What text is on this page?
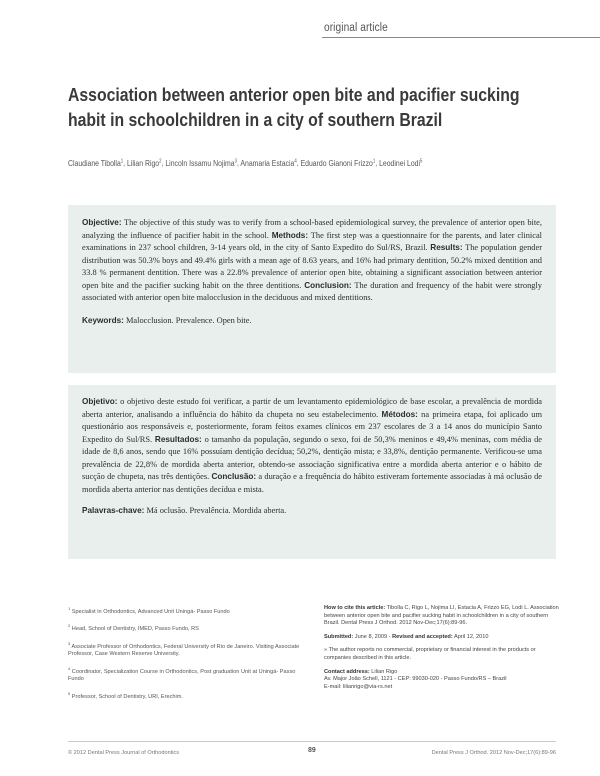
original article
Association between anterior open bite and pacifier sucking habit in schoolchildren in a city of southern Brazil
Claudiane Tibolla$^1$, Lilian Rigo$^2$, Lincoln Issamu Nojima$^3$, Anamaria Estacia$^4$, Eduardo Gianoni Frizzo$^1$, Leodinei Lodi$^5$

Objective: The objective of this study was to verify from a school-based epidemiological survey, the prevalence of anterior open bite, analyzing the influence of pacifier habit in the school. Methods: The first step was a questionnaire for the parents, and later clinical examinations in 237 school children, 3-14 years old, in the city of Santo Expedito do Sul/RS, Brazil. Results: The population gender distribution was 50.3% boys and 49.4% girls with a mean age of 8.63 years, and 16% had primary dentition, 50.2% mixed dentition and 33.8 % permanent dentition. There was a 22.8% prevalence of anterior open bite, obtaining a significant association between anterior open bite and the pacifier sucking habit on the three dentitions. Conclusion: The duration and frequency of the habit were strongly associated with anterior open bite malocclusion in the deciduous and mixed dentitions.

Keywords: Malocclusion. Prevalence. Open bite.

Objetivo: o objetivo deste estudo foi verificar, a partir de um levantamento epidemiológico de base escolar, a prevalência de mordida aberta anterior, analisando a influência do hábito da chupeta no seu estabelecimento. Métodos: na primeira etapa, foi aplicado um questionário aos responsáveis e, posteriormente, foram feitos exames clínicos em 237 escolares de 3 a 14 anos do município Santo Expedito do Sul/RS. Resultados: o tamanho da população, segundo o sexo, foi de 50,3% meninos e 49,4% meninas, com média de idade de 8,6 anos, sendo que 16% possuíam dentição decídua; 50,2%, dentição mista; e 33,8%, dentição permanente. Verificou-se uma prevalência de 22,8% de mordida aberta anterior, obtendo-se associação significativa entre a mordida aberta anterior e o hábito de sucção de chupeta, nas três dentições. Conclusão: a duração e a frequência do hábito estiveram fortemente associadas à má oclusão de mordida aberta anterior nas dentições decídua e mista.

Palavras-chave: Má oclusão. Prevalência. Mordida aberta.

$^1$ Specialist in Orthodontics, Advanced Unit Uningá- Passo Fundo
$^2$ Head, School of Dentistry, IMED, Passo Fundo, RS
$^3$ Associate Professor of Orthodontics, Federal University of Rio de Janeiro. Visiting Associate Professor, Case Western Reserve University.
$^4$ Coordinator, Specialization Course in Orthodontics, Post graduation Unit at Uningá- Passo Fundo
$^5$ Professor, School of Dentistry, URI, Erechim.
How to cite this article: Tibolla C, Rigo L, Nojima LI, Estacia A, Frizzo EG, Lodi L. Association between anterior open bite and pacifier sucking habit in schoolchildren in a city of southern Brazil. Dental Press J Orthod. 2012 Nov-Dec;17(6):89-96.
Submitted: June 8, 2009 - Revised and accepted: April 12, 2010
» The author reports no commercial, proprietary or financial interest in the products or companies described in this article.
Contact address: Lilian Rigo
Av. Major João Schell, 1121 - CEP: 99030-020 - Passo Fundo/RS – Brazil
E-mail: lilianrigo@via-rs.net
© 2012 Dental Press Journal of Orthodontics	89	Dental Press J Orthod. 2012 Nov-Dec;17(6):89-96
